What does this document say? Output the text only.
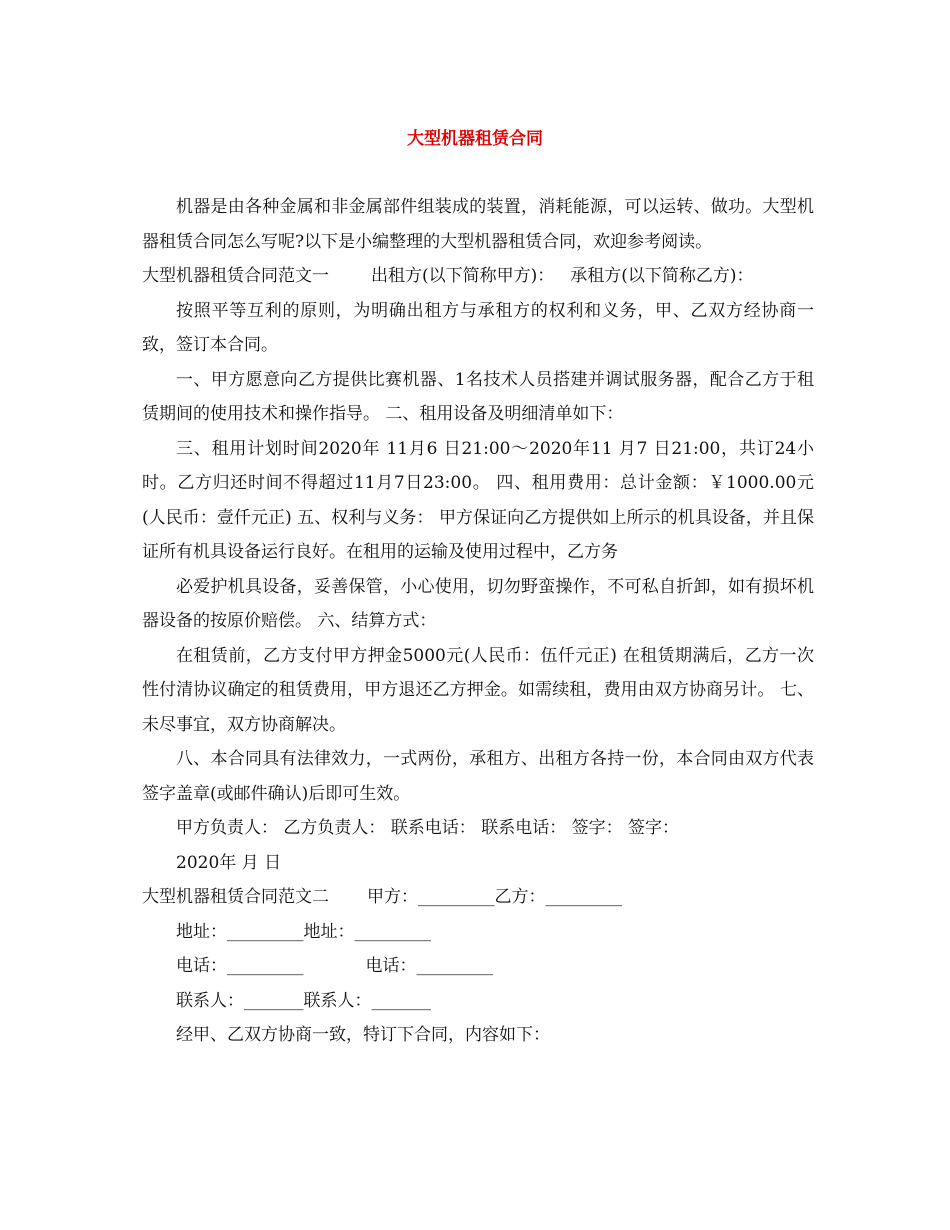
大型机器租赁合同

机器是由各种金属和非金属部件组装成的装置，消耗能源，可以运转、做功。大型机器租赁合同怎么写呢?以下是小编整理的大型机器租赁合同，欢迎参考阅读。

大型机器租赁合同范文一 出租方(以下简称甲方)： 承租方(以下简称乙方)：

按照平等互利的原则，为明确出租方与承租方的权利和义务，甲、乙双方经协商一致，签订本合同。

一、甲方愿意向乙方提供比赛机器、1名技术人员搭建并调试服务器，配合乙方于租赁期间的使用技术和操作指导。 二、租用设备及明细清单如下：

三、租用计划时间2020年 11月6 日21:00～2020年11 月7 日21:00，共订24小时。乙方归还时间不得超过11月7日23:00。 四、租用费用：总计金额：￥1000.00元(人民币：壹仟元正) 五、权利与义务： 甲方保证向乙方提供如上所示的机具设备，并且保证所有机具设备运行良好。在租用的运输及使用过程中，乙方务

必爱护机具设备，妥善保管，小心使用，切勿野蛮操作，不可私自折卸，如有损坏机器设备的按原价赔偿。 六、结算方式：

在租赁前，乙方支付甲方押金5000元(人民币：伍仟元正) 在租赁期满后，乙方一次性付清协议确定的租赁费用，甲方退还乙方押金。如需续租，费用由双方协商另计。 七、未尽事宜，双方协商解决。

八、本合同具有法律效力，一式两份，承租方、出租方各持一份，本合同由双方代表签字盖章(或邮件确认)后即可生效。

甲方负责人： 乙方负责人： 联系电话： 联系电话： 签字： 签字：

2020年 月 日

大型机器租赁合同范文二 甲方：_________乙方：_________

地址：_________地址：_________

电话：_________	电话：_________

联系人：_______联系人：_______

经甲、乙双方协商一致，特订下合同，内容如下：
